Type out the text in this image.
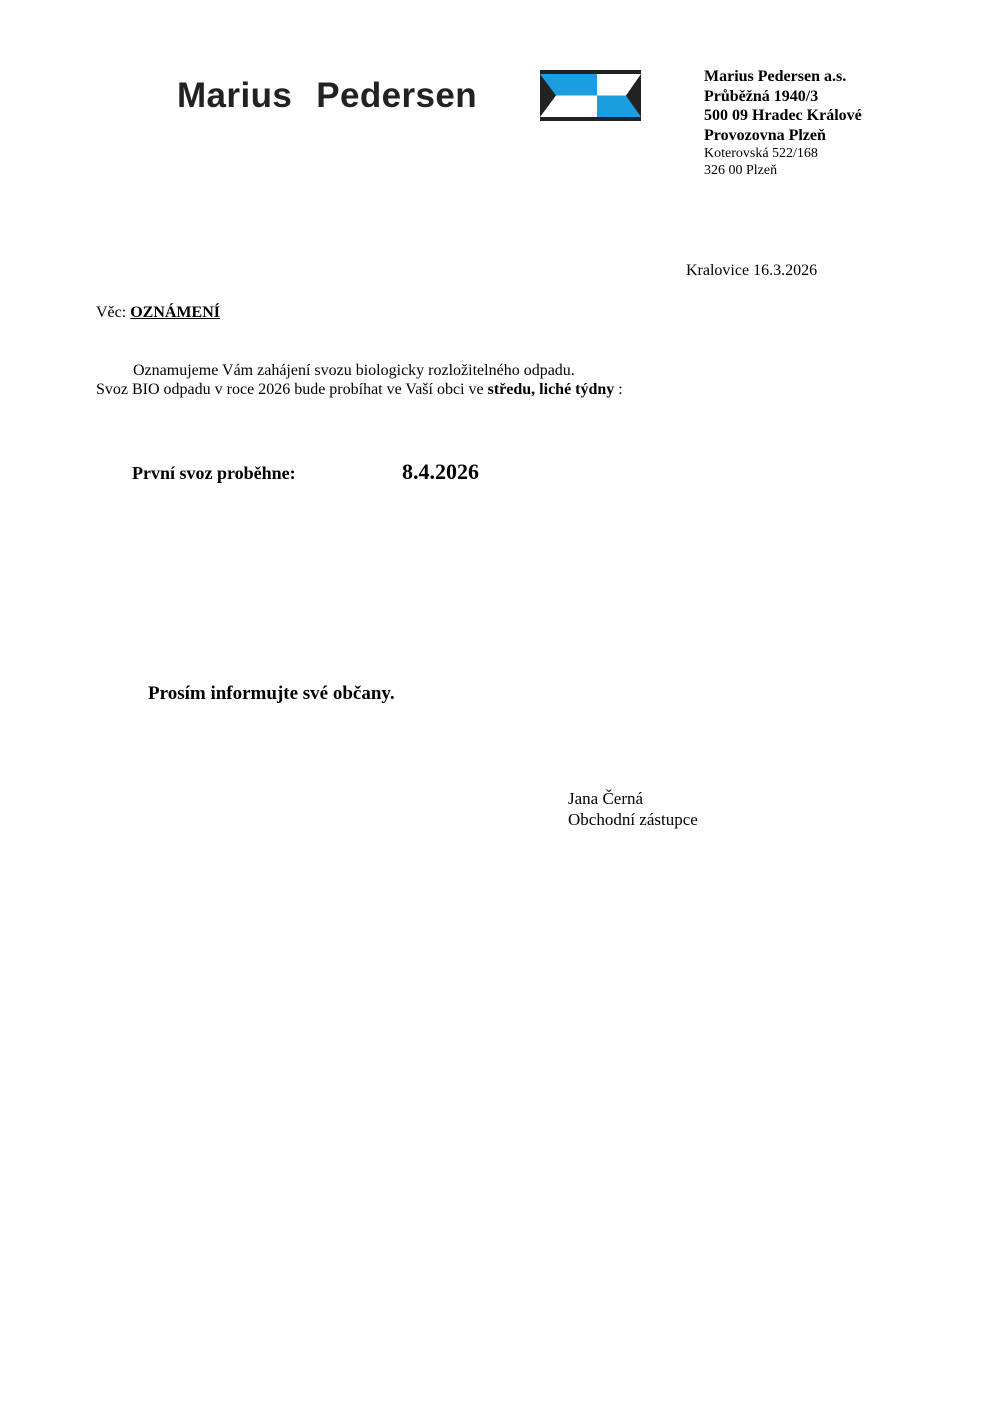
Marius Pedersen	Marius Pedersen a.s.
Průběžná 1940/3
500 09 Hradec Králové
Provozovna Plzeň
Koterovská 522/168
326 00 Plzeň
Kralovice 16.3.2026
Věc: OZNÁMENÍ
Oznamujeme Vám zahájení svozu biologicky rozložitelného odpadu.
Svoz BIO odpadu v roce 2026 bude probíhat ve Vaší obci ve středu, liché týdny :
První svoz proběhne:	8.4.2026
Prosím informujte své občany.
Jana Černá
Obchodní zástupce
